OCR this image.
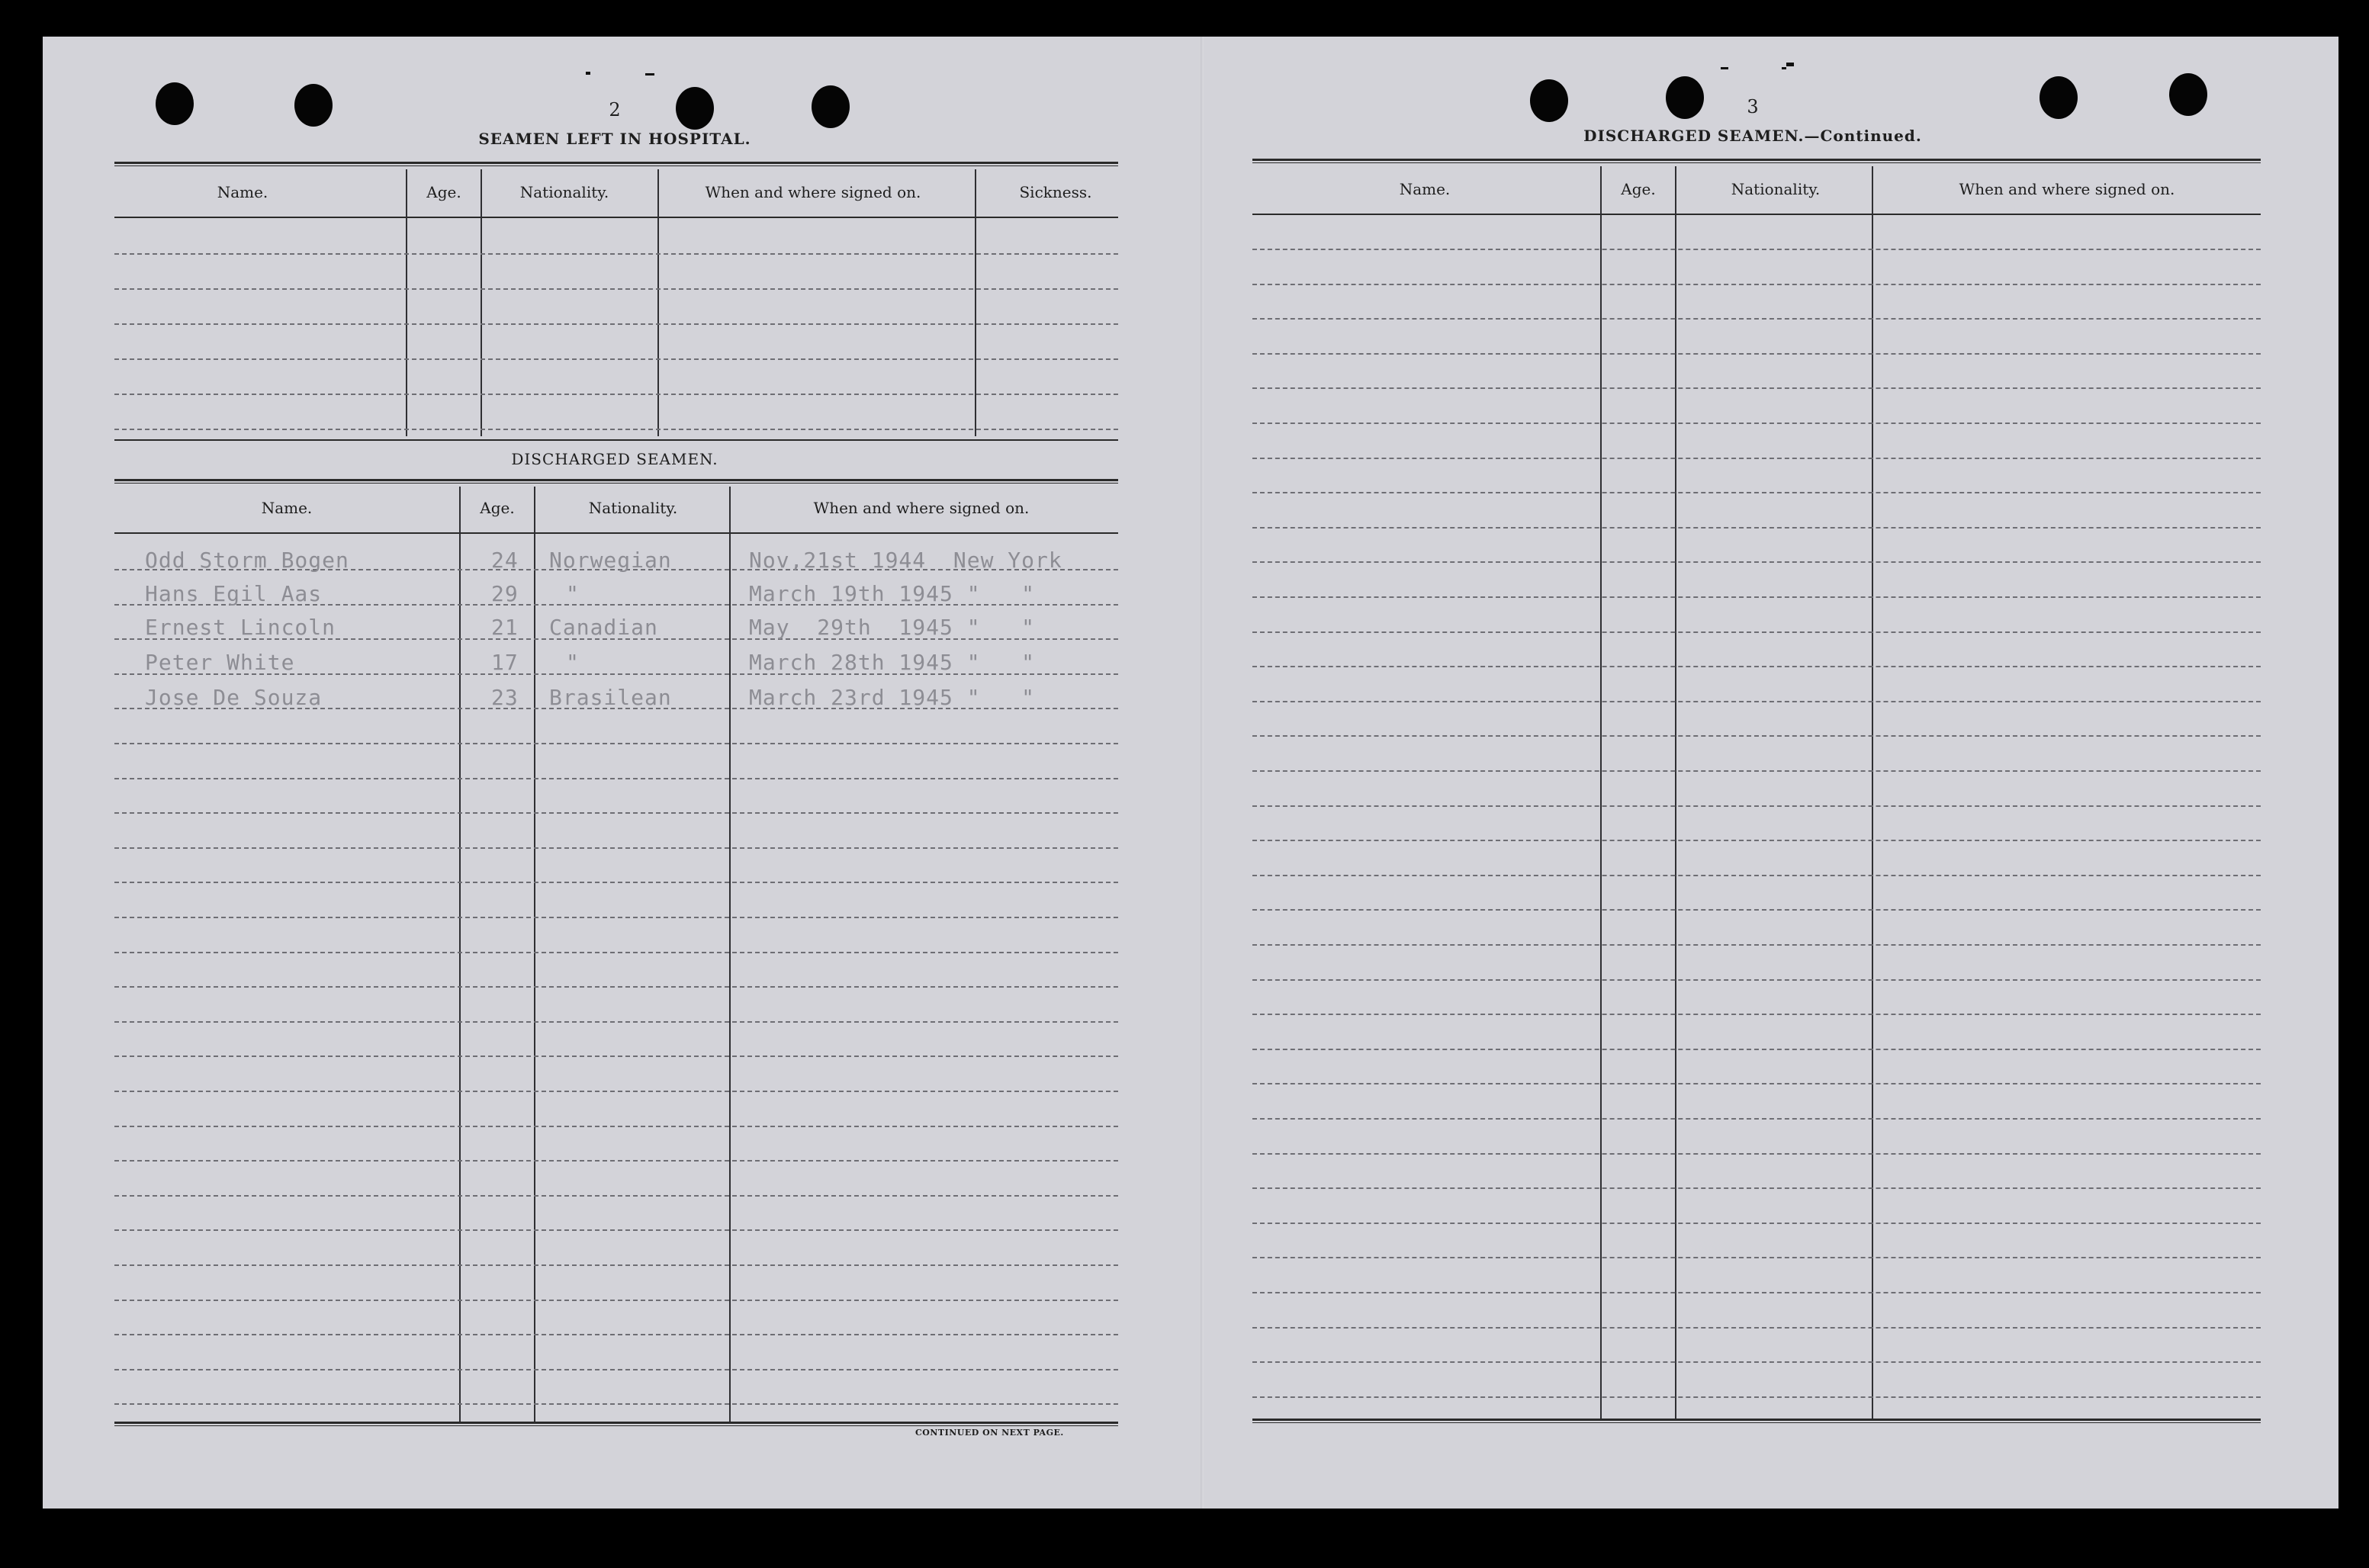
2
SEAMEN LEFT IN HOSPITAL.
Name.	Age.	Nationality.	When and where signed on.	Sickness.
DISCHARGED SEAMEN.
Name.	Age.	Nationality.	When and where signed on.
Odd Storm Bogen	24 Norwegian	Nov,21st 1944  New York
Hans Egil Aas	29 "	March 19th 1945 "   "
Ernest Lincoln	21 Canadian	May  29th  1945 "   "
Peter White	17 "	March 28th 1945 "   "
Jose De Souza	23 Brasilean	March 23rd 1945 "   "
CONTINUED ON NEXT PAGE.
3
DISCHARGED SEAMEN.—Continued.
Name.	Age.	Nationality.	When and where signed on.
